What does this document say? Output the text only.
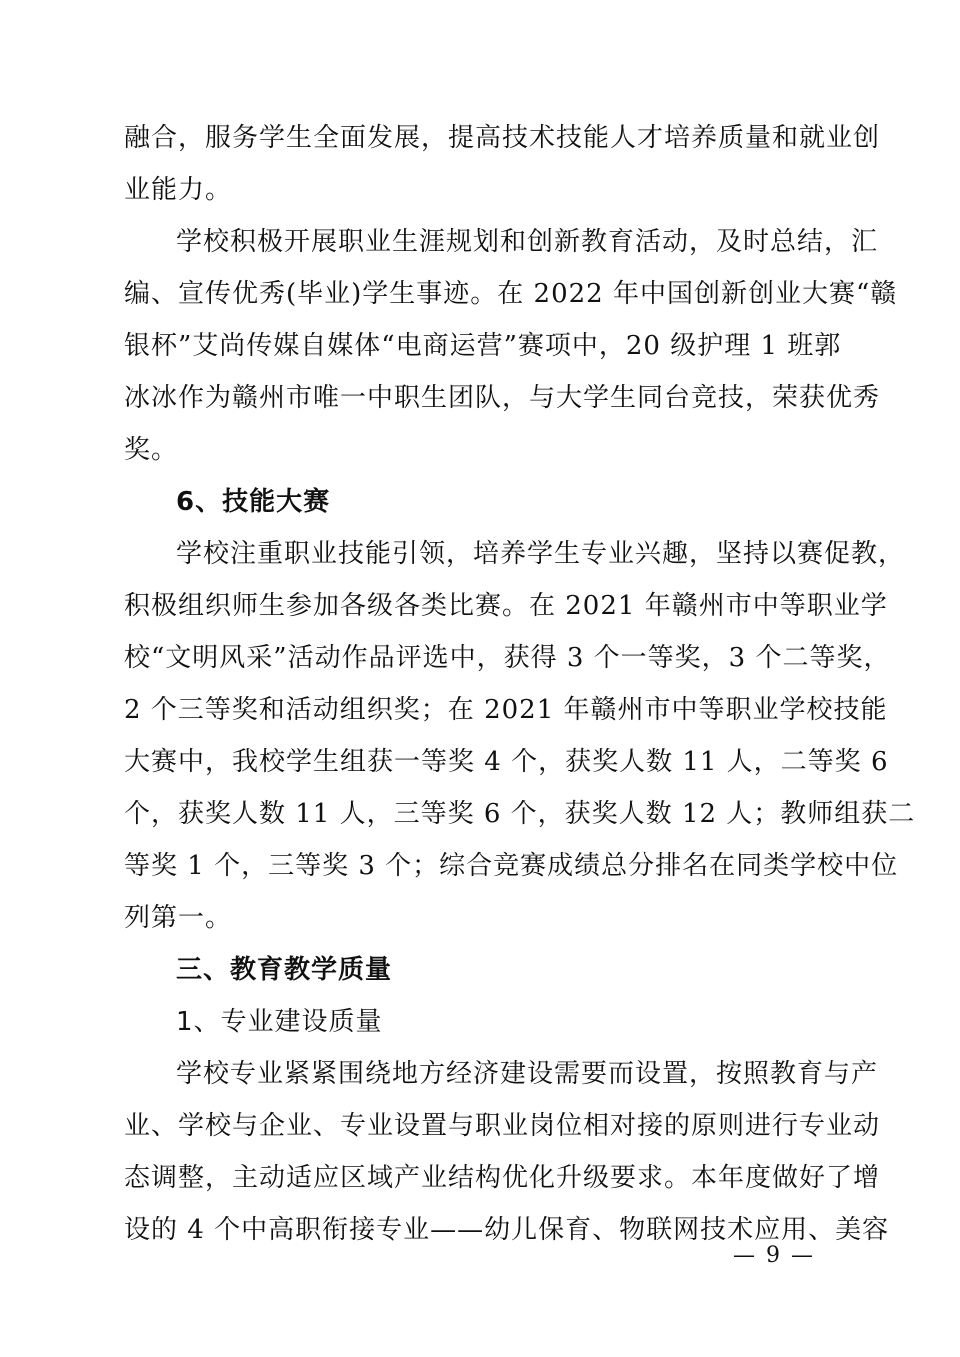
融合，服务学生全面发展，提高技术技能人才培养质量和就业创
业能力。
学校积极开展职业生涯规划和创新教育活动，及时总结，汇
编、宣传优秀(毕业)学生事迹。在 2022 年中国创新创业大赛“赣
银杯”艾尚传媒自媒体“电商运营”赛项中，20 级护理 1 班郭
冰冰作为赣州市唯一中职生团队，与大学生同台竞技，荣获优秀
奖。
6、技能大赛
学校注重职业技能引领，培养学生专业兴趣，坚持以赛促教，
积极组织师生参加各级各类比赛。在 2021 年赣州市中等职业学
校“文明风采”活动作品评选中，获得 3 个一等奖，3 个二等奖，
2 个三等奖和活动组织奖；在 2021 年赣州市中等职业学校技能
大赛中，我校学生组获一等奖 4 个，获奖人数 11 人，二等奖 6
个，获奖人数 11 人，三等奖 6 个，获奖人数 12 人；教师组获二
等奖 1 个，三等奖 3 个；综合竞赛成绩总分排名在同类学校中位
列第一。
三、教育教学质量
1、专业建设质量
学校专业紧紧围绕地方经济建设需要而设置，按照教育与产
业、学校与企业、专业设置与职业岗位相对接的原则进行专业动
态调整，主动适应区域产业结构优化升级要求。本年度做好了增
设的 4 个中高职衔接专业——幼儿保育、物联网技术应用、美容
— 9 —
